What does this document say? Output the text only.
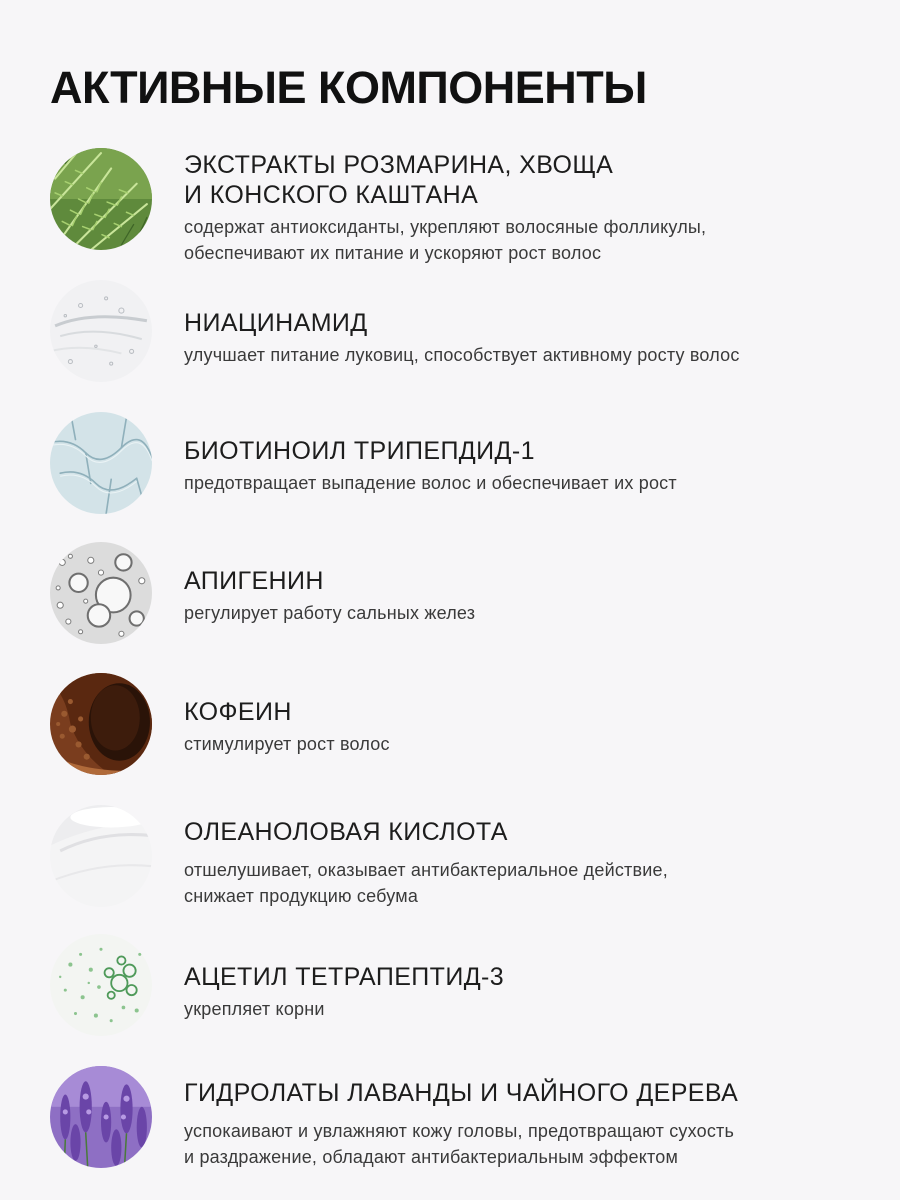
АКТИВНЫЕ КОМПОНЕНТЫ

ЭКСТРАКТЫ РОЗМАРИНА, ХВОЩА
И КОНСКОГО КАШТАНА

содержат антиоксиданты, укрепляют волосяные фолликулы,
обеспечивают их питание и ускоряют рост волос

НИАЦИНАМИД

улучшает питание луковиц, способствует активному росту волос

БИОТИНОИЛ ТРИПЕПДИД-1

предотвращает выпадение волос и обеспечивает их рост

АПИГЕНИН

регулирует работу сальных желез

КОФЕИН

стимулирует рост волос

ОЛЕАНОЛОВАЯ КИСЛОТА

отшелушивает, оказывает антибактериальное действие,
снижает продукцию себума

АЦЕТИЛ ТЕТРАПЕПТИД-3

укрепляет корни

ГИДРОЛАТЫ ЛАВАНДЫ И ЧАЙНОГО ДЕРЕВА

успокаивают и увлажняют кожу головы, предотвращают сухость
и раздражение, обладают антибактериальным эффектом
